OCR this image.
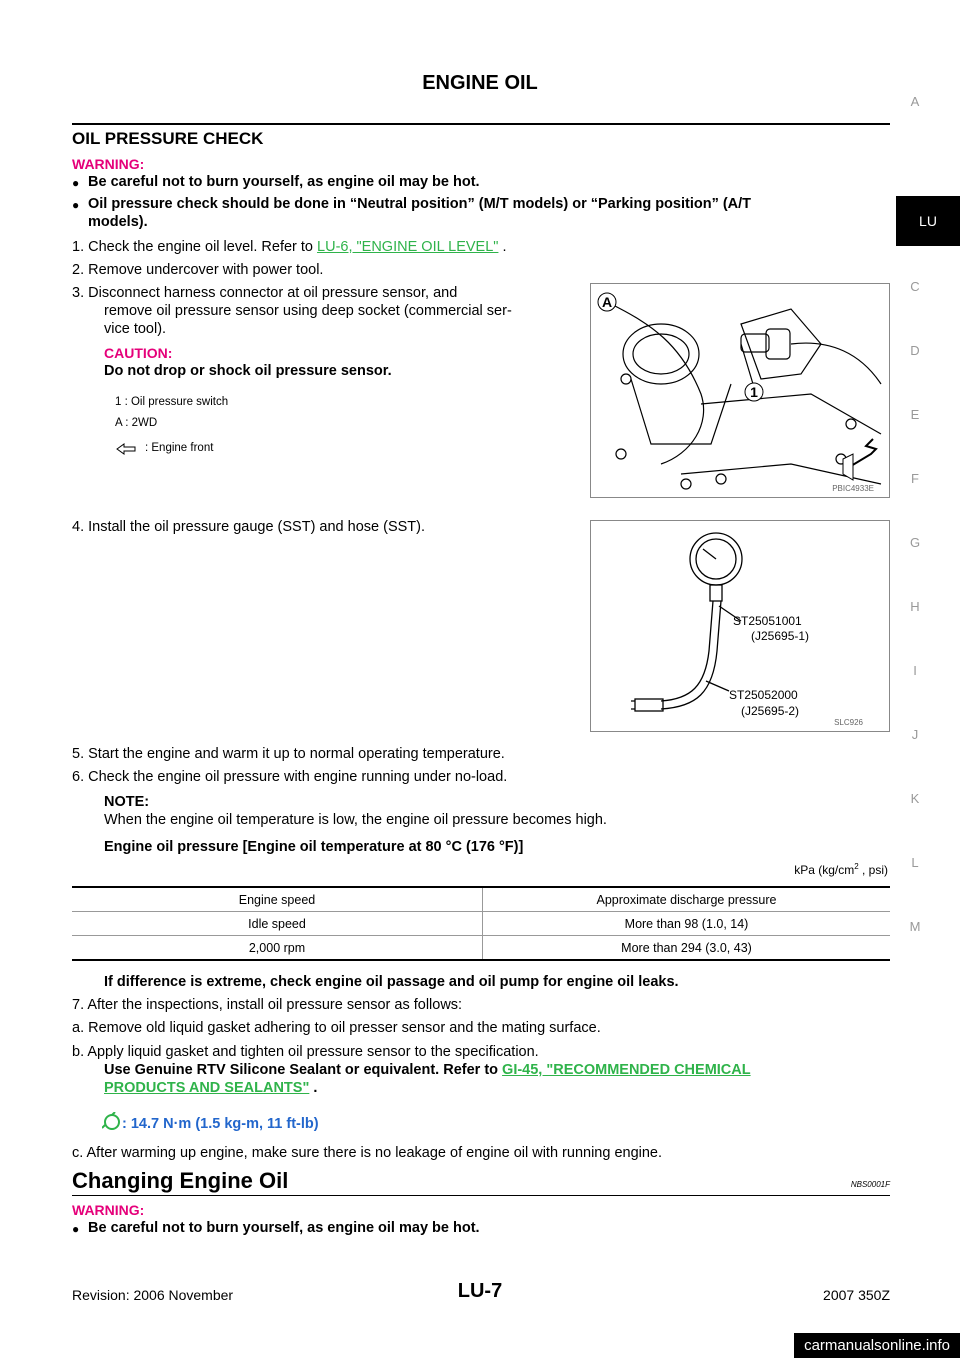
ENGINE OIL
A
LU
C
D
E
F
G
H
I
J
K
L
M
OIL PRESSURE CHECK
WARNING:
● Be careful not to burn yourself, as engine oil may be hot.
● Oil pressure check should be done in “Neutral position” (M/T models) or “Parking position” (A/T
models).
1. Check the engine oil level. Refer to LU-6, "ENGINE OIL LEVEL" .
2. Remove undercover with power tool.
3. Disconnect harness connector at oil pressure sensor, and
remove oil pressure sensor using deep socket (commercial ser-
vice tool).
CAUTION:
Do not drop or shock oil pressure sensor.
1 : Oil pressure switch
A : 2WD
: Engine front
A
1
PBIC4933E
4. Install the oil pressure gauge (SST) and hose (SST).
ST25051001
(J25695-1)
ST25052000
(J25695-2)
SLC926
5. Start the engine and warm it up to normal operating temperature.
6. Check the engine oil pressure with engine running under no-load.
NOTE:
When the engine oil temperature is low, the engine oil pressure becomes high.
Engine oil pressure [Engine oil temperature at 80 °C (176 °F)]
kPa ($kg/cm^2$ , psi)
Engine speed	Approximate discharge pressure
Idle speed	More than 98 (1.0, 14)
2,000 rpm	More than 294 (3.0, 43)
If difference is extreme, check engine oil passage and oil pump for engine oil leaks.
7. After the inspections, install oil pressure sensor as follows:
a. Remove old liquid gasket adhering to oil presser sensor and the mating surface.
b. Apply liquid gasket and tighten oil pressure sensor to the specification.
Use Genuine RTV Silicone Sealant or equivalent. Refer to GI-45, "RECOMMENDED CHEMICAL
PRODUCTS AND SEALANTS" .
: 14.7 N·m (1.5 kg-m, 11 ft-lb)
c. After warming up engine, make sure there is no leakage of engine oil with running engine.
Changing Engine Oil	NBS0001F
WARNING:
● Be careful not to burn yourself, as engine oil may be hot.
Revision: 2006 November	LU-7	2007 350Z
carmanualsonline.info
